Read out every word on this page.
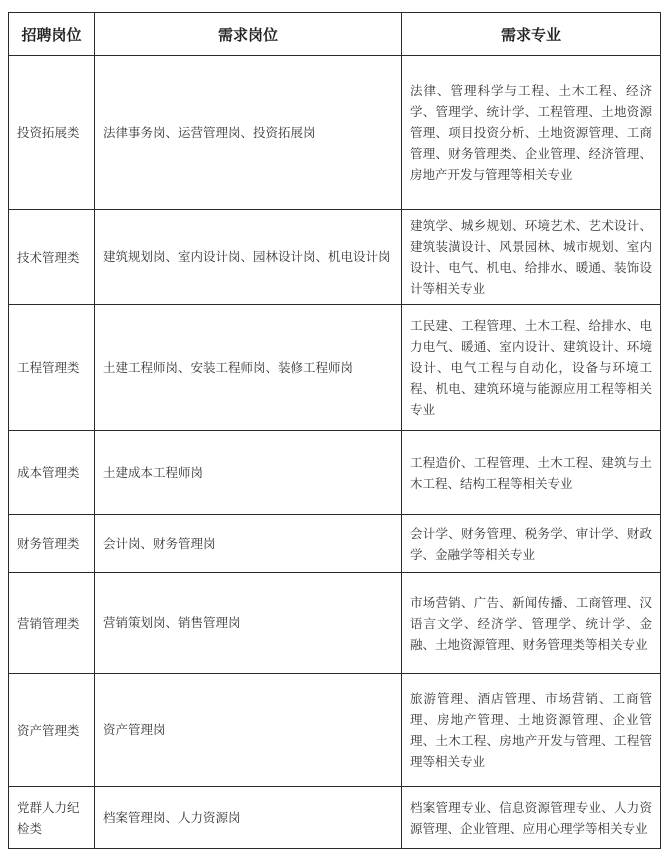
招聘岗位	需求岗位	需求专业
投资拓展类	法律事务岗、运营管理岗、投资拓展岗	法律、管理科学与工程、土木工程、经济学、管理学、统计学、工程管理、土地资源管理、项目投资分析、土地资源管理、工商管理、财务管理类、企业管理、经济管理、房地产开发与管理等相关专业
技术管理类	建筑规划岗、室内设计岗、园林设计岗、机电设计岗	建筑学、城乡规划、环境艺术、艺术设计、建筑装潢设计、风景园林、城市规划、室内设计、电气、机电、给排水、暖通、装饰设计等相关专业
工程管理类	土建工程师岗、安装工程师岗、装修工程师岗	工民建、工程管理、土木工程、给排水、电力电气、暖通、室内设计、建筑设计、环境设计、电气工程与自动化，设备与环境工程、机电、建筑环境与能源应用工程等相关专业
成本管理类	土建成本工程师岗	工程造价、工程管理、土木工程、建筑与土木工程、结构工程等相关专业
财务管理类	会计岗、财务管理岗	会计学、财务管理、税务学、审计学、财政学、金融学等相关专业
营销管理类	营销策划岗、销售管理岗	市场营销、广告、新闻传播、工商管理、汉语言文学、经济学、管理学、统计学、金融、土地资源管理、财务管理类等相关专业
资产管理类	资产管理岗	旅游管理、酒店管理、市场营销、工商管理、房地产管理、土地资源管理、企业管理、土木工程、房地产开发与管理、工程管理等相关专业
党群人力纪检类	档案管理岗、人力资源岗	档案管理专业、信息资源管理专业、人力资源管理、企业管理、应用心理学等相关专业
